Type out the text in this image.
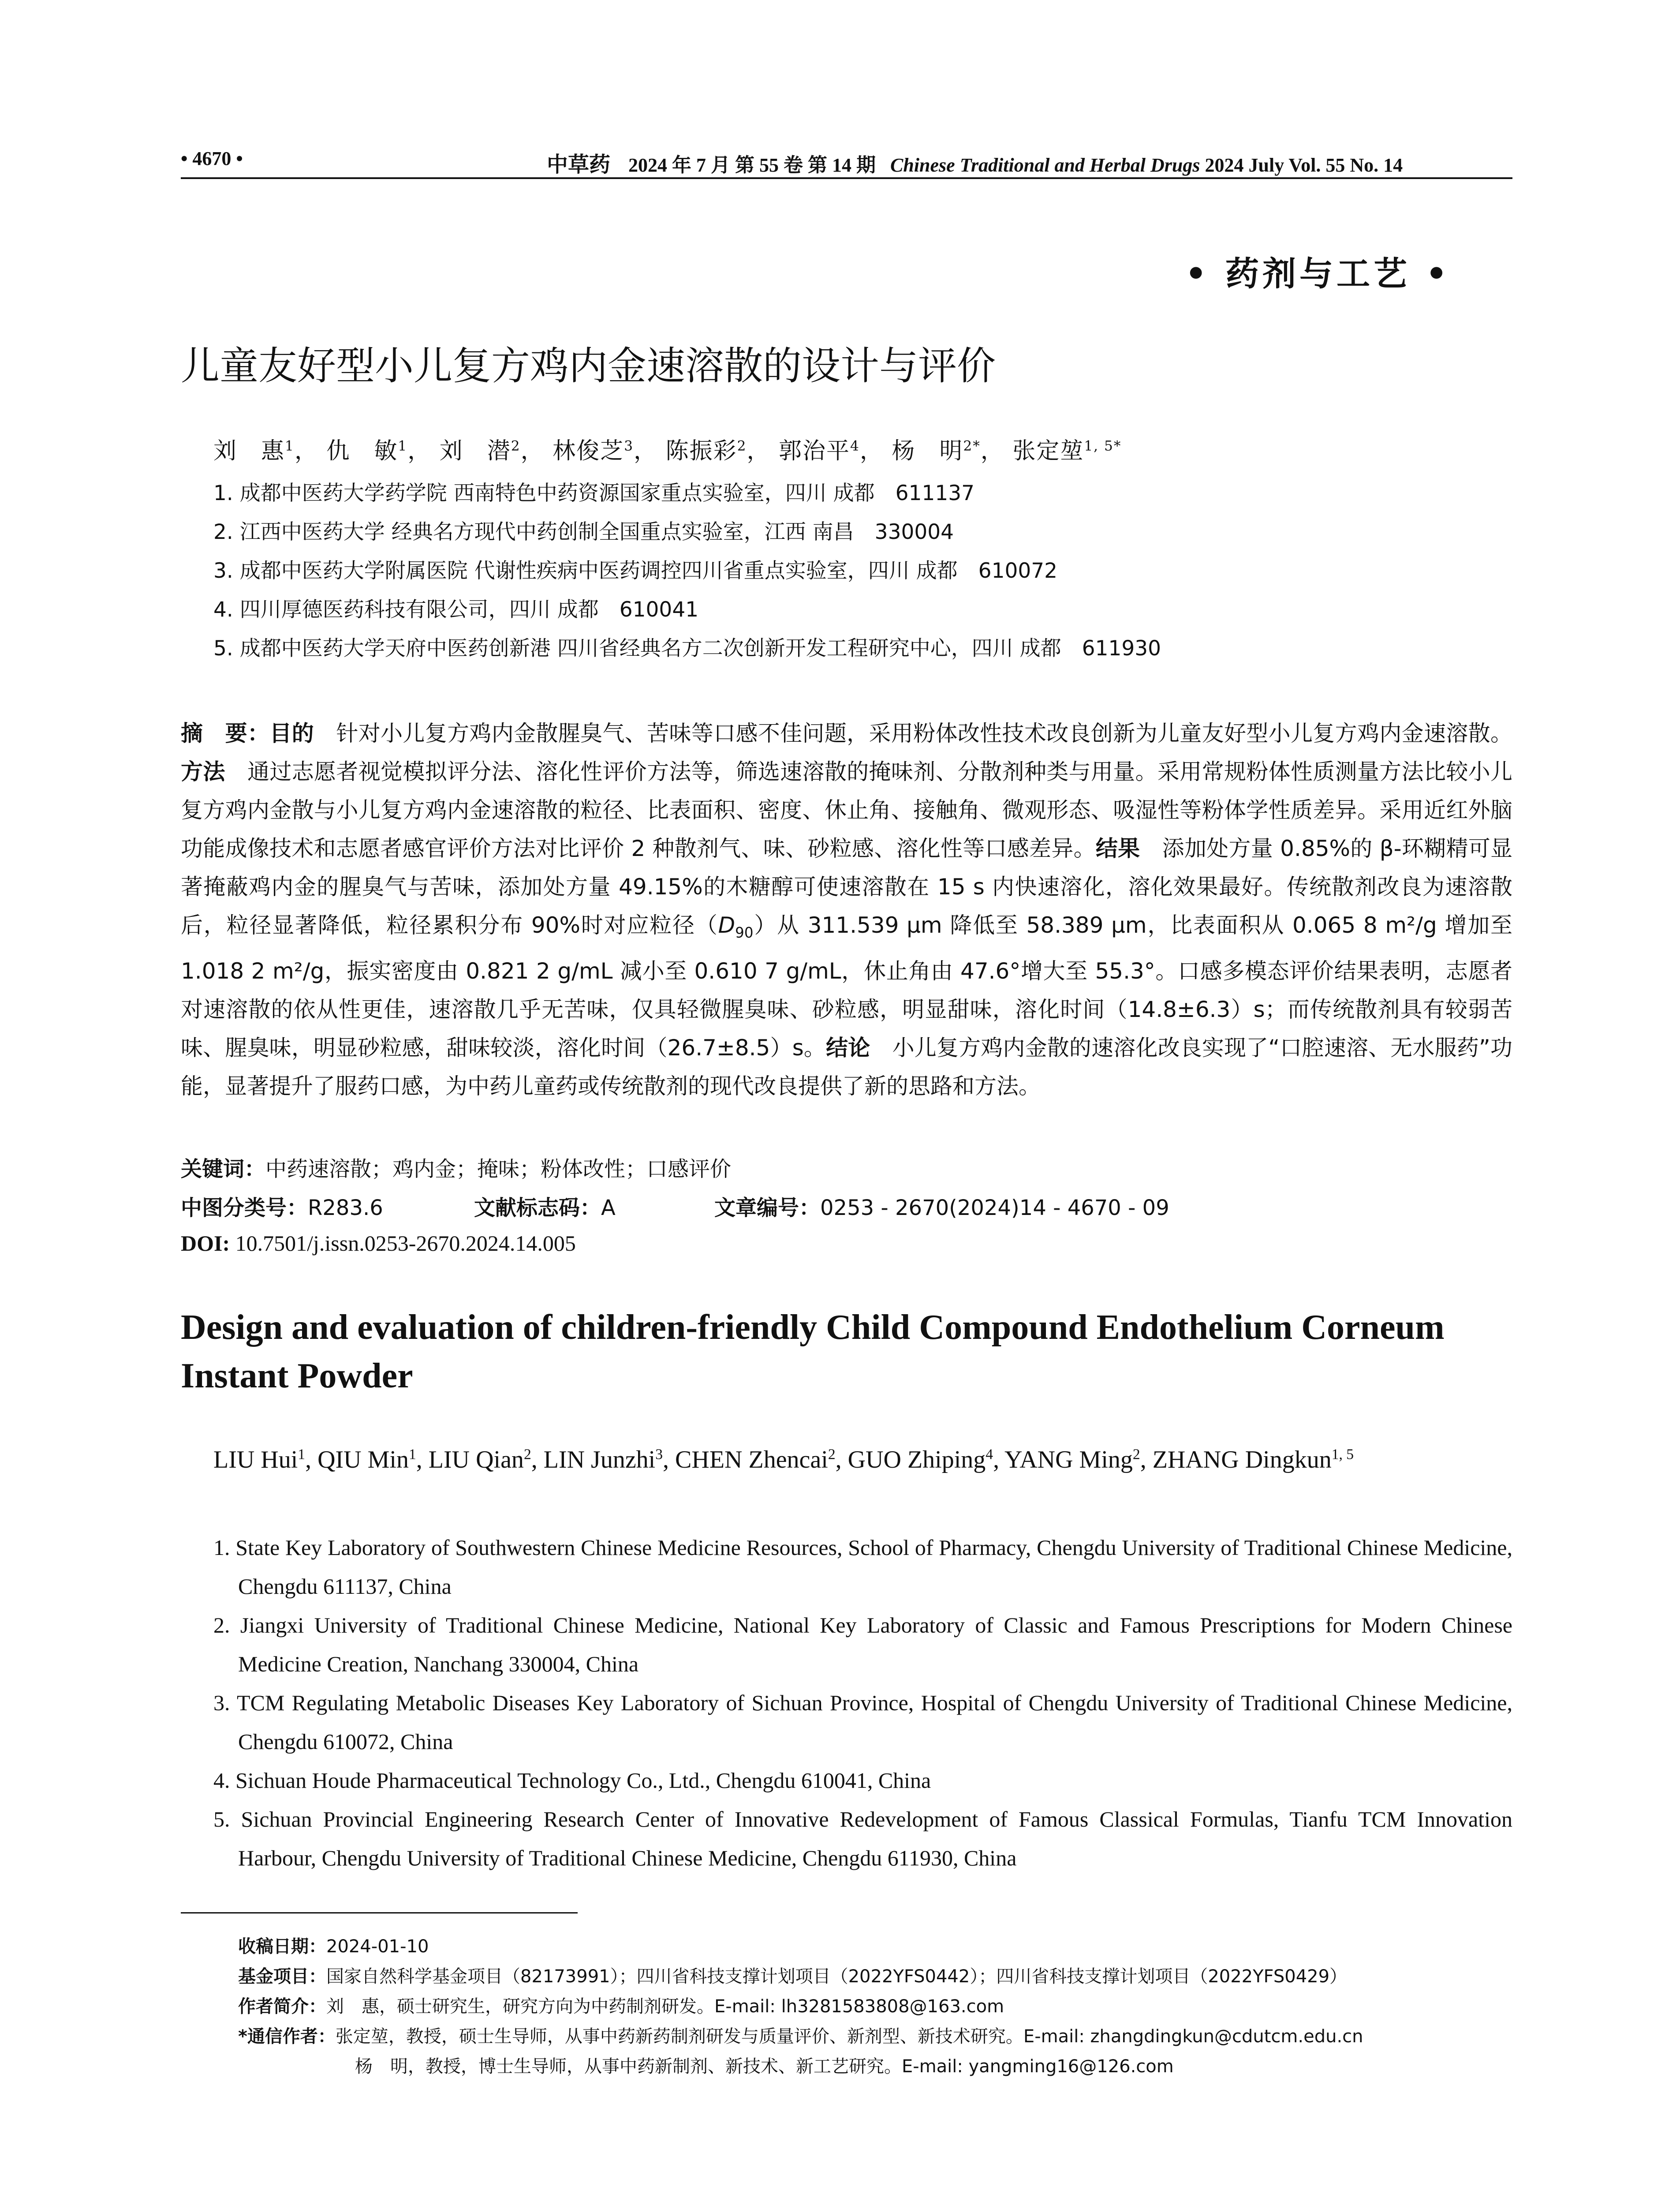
• 4670 •	中草药 2024 年 7 月 第 55 卷 第 14 期 Chinese Traditional and Herbal Drugs 2024 July Vol. 55 No. 14
• 药剂与工艺 •
儿童友好型小儿复方鸡内金速溶散的设计与评价
刘　惠$^1$， 仇　敏$^1$， 刘　潜$^2$， 林俊芝$^3$， 陈振彩$^2$， 郭治平$^4$， 杨　明$^{2*}$， 张定堃$^{1, 5*}$
1. 成都中医药大学药学院 西南特色中药资源国家重点实验室，四川 成都　611137
2. 江西中医药大学 经典名方现代中药创制全国重点实验室，江西 南昌　330004
3. 成都中医药大学附属医院 代谢性疾病中医药调控四川省重点实验室，四川 成都　610072
4. 四川厚德医药科技有限公司，四川 成都　610041
5. 成都中医药大学天府中医药创新港 四川省经典名方二次创新开发工程研究中心，四川 成都　611930
摘　要：目的 针对小儿复方鸡内金散腥臭气、苦味等口感不佳问题，采用粉体改性技术改良创新为儿童友好型小儿复方鸡内金速溶散。方法 通过志愿者视觉模拟评分法、溶化性评价方法等，筛选速溶散的掩味剂、分散剂种类与用量。采用常规粉体性质测量方法比较小儿复方鸡内金散与小儿复方鸡内金速溶散的粒径、比表面积、密度、休止角、接触角、微观形态、吸湿性等粉体学性质差异。采用近红外脑功能成像技术和志愿者感官评价方法对比评价 2 种散剂气、味、砂粒感、溶化性等口感差异。结果 添加处方量 0.85%的 β-环糊精可显著掩蔽鸡内金的腥臭气与苦味，添加处方量 49.15%的木糖醇可使速溶散在 15 s 内快速溶化，溶化效果最好。传统散剂改良为速溶散后，粒径显著降低，粒径累积分布 90%时对应粒径$(D_{90})$从 311.539 μm 降低至 58.389 μm，比表面积从 0.065 8 m²/g 增加至 1.018 2 m²/g，振实密度由 0.821 2 g/mL 减小至 0.610 7 g/mL，休止角由 47.6°增大至 55.3°。口感多模态评价结果表明，志愿者对速溶散的依从性更佳，速溶散几乎无苦味，仅具轻微腥臭味、砂粒感，明显甜味，溶化时间（14.8±6.3）s；而传统散剂具有较弱苦味、腥臭味，明显砂粒感，甜味较淡，溶化时间（26.7±8.5）s。结论 小儿复方鸡内金散的速溶化改良实现了“口腔速溶、无水服药”功能，显著提升了服药口感，为中药儿童药或传统散剂的现代改良提供了新的思路和方法。
关键词：中药速溶散；鸡内金；掩味；粉体改性；口感评价
中图分类号：R283.6	文献标志码：A	文章编号：0253 - 2670(2024)14 - 4670 - 09
DOI: 10.7501/j.issn.0253-2670.2024.14.005
Design and evaluation of children-friendly Child Compound Endothelium Corneum Instant Powder
LIU Hui$^1$, QIU Min$^1$, LIU Qian$^2$, LIN Junzhi$^3$, CHEN Zhencai$^2$, GUO Zhiping$^4$, YANG Ming$^2$, ZHANG Dingkun$^{1, 5}$
1. State Key Laboratory of Southwestern Chinese Medicine Resources, School of Pharmacy, Chengdu University of Traditional Chinese Medicine, Chengdu 611137, China
2. Jiangxi University of Traditional Chinese Medicine, National Key Laboratory of Classic and Famous Prescriptions for Modern Chinese Medicine Creation, Nanchang 330004, China
3. TCM Regulating Metabolic Diseases Key Laboratory of Sichuan Province, Hospital of Chengdu University of Traditional Chinese Medicine, Chengdu 610072, China
4. Sichuan Houde Pharmaceutical Technology Co., Ltd., Chengdu 610041, China
5. Sichuan Provincial Engineering Research Center of Innovative Redevelopment of Famous Classical Formulas, Tianfu TCM Innovation Harbour, Chengdu University of Traditional Chinese Medicine, Chengdu 611930, China
收稿日期：2024-01-10
基金项目：国家自然科学基金项目（82173991）；四川省科技支撑计划项目（2022YFS0442）；四川省科技支撑计划项目（2022YFS0429）
作者简介：刘　惠，硕士研究生，研究方向为中药制剂研发。E-mail: lh3281583808@163.com
*通信作者：张定堃，教授，硕士生导师，从事中药新药制剂研发与质量评价、新剂型、新技术研究。E-mail: zhangdingkun@cdutcm.edu.cn
杨　明，教授，博士生导师，从事中药新制剂、新技术、新工艺研究。E-mail: yangming16@126.com
